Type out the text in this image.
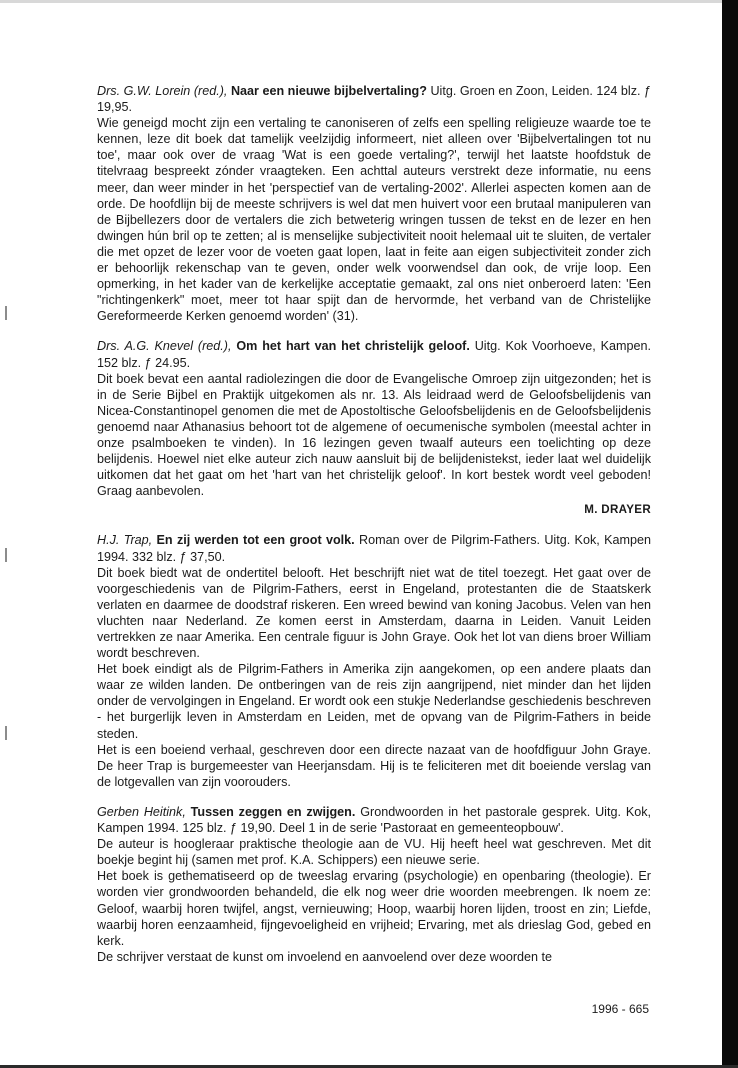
Drs. G.W. Lorein (red.), Naar een nieuwe bijbelvertaling? Uitg. Groen en Zoon, Leiden. 124 blz. ƒ 19,95.

Wie geneigd mocht zijn een vertaling te canoniseren of zelfs een spelling religieuze waarde toe te kennen, leze dit boek dat tamelijk veelzijdig informeert, niet alleen over 'Bijbelvertalingen tot nu toe', maar ook over de vraag 'Wat is een goede vertaling?', terwijl het laatste hoofdstuk de titelvraag bespreekt zónder vraagteken. Een achttal auteurs verstrekt deze informatie, nu eens meer, dan weer minder in het 'perspectief van de vertaling-2002'. Allerlei aspecten komen aan de orde. De hoofdlijn bij de meeste schrijvers is wel dat men huivert voor een brutaal manipuleren van de Bijbellezers door de vertalers die zich betweterig wringen tussen de tekst en de lezer en hen dwingen hún bril op te zetten; al is menselijke subjectiviteit nooit helemaal uit te sluiten, de vertaler die met opzet de lezer voor de voeten gaat lopen, laat in feite aan eigen subjectiviteit zonder zich er behoorlijk rekenschap van te geven, onder welk voorwendsel dan ook, de vrije loop. Een opmerking, in het kader van de kerkelijke acceptatie gemaakt, zal ons niet onberoerd laten: 'Een "richtingenkerk" moet, meer tot haar spijt dan de hervormde, het verband van de Christelijke Gereformeerde Kerken genoemd worden' (31).

Drs. A.G. Knevel (red.), Om het hart van het christelijk geloof. Uitg. Kok Voorhoeve, Kampen. 152 blz. ƒ 24.95.

Dit boek bevat een aantal radiolezingen die door de Evangelische Omroep zijn uitgezonden; het is in de Serie Bijbel en Praktijk uitgekomen als nr. 13. Als leidraad werd de Geloofsbelijdenis van Nicea-Constantinopel genomen die met de Apostoltische Geloofsbelijdenis en de Geloofsbelijdenis genoemd naar Athanasius behoort tot de algemene of oecumenische symbolen (meestal achter in onze psalmboeken te vinden). In 16 lezingen geven twaalf auteurs een toelichting op deze belijdenis. Hoewel niet elke auteur zich nauw aansluit bij de belijdenistekst, ieder laat wel duidelijk uitkomen dat het gaat om het 'hart van het christelijk geloof'. In kort bestek wordt veel geboden! Graag aanbevolen.

M. DRAYER

H.J. Trap, En zij werden tot een groot volk. Roman over de Pilgrim-Fathers. Uitg. Kok, Kampen 1994. 332 blz. ƒ 37,50.

Dit boek biedt wat de ondertitel belooft. Het beschrijft niet wat de titel toezegt. Het gaat over de voorgeschiedenis van de Pilgrim-Fathers, eerst in Engeland, protestanten die de Staatskerk verlaten en daarmee de doodstraf riskeren. Een wreed bewind van koning Jacobus. Velen van hen vluchten naar Nederland. Ze komen eerst in Amsterdam, daarna in Leiden. Vanuit Leiden vertrekken ze naar Amerika. Een centrale figuur is John Graye. Ook het lot van diens broer William wordt beschreven.

Het boek eindigt als de Pilgrim-Fathers in Amerika zijn aangekomen, op een andere plaats dan waar ze wilden landen. De ontberingen van de reis zijn aangrijpend, niet minder dan het lijden onder de vervolgingen in Engeland. Er wordt ook een stukje Nederlandse geschiedenis beschreven - het burgerlijk leven in Amsterdam en Leiden, met de opvang van de Pilgrim-Fathers in beide steden.

Het is een boeiend verhaal, geschreven door een directe nazaat van de hoofdfiguur John Graye. De heer Trap is burgemeester van Heerjansdam. Hij is te feliciteren met dit boeiende verslag van de lotgevallen van zijn voorouders.

Gerben Heitink, Tussen zeggen en zwijgen. Grondwoorden in het pastorale gesprek. Uitg. Kok, Kampen 1994. 125 blz. ƒ 19,90. Deel 1 in de serie 'Pastoraat en gemeenteopbouw'.

De auteur is hoogleraar praktische theologie aan de VU. Hij heeft heel wat geschreven. Met dit boekje begint hij (samen met prof. K.A. Schippers) een nieuwe serie.

Het boek is gethematiseerd op de tweeslag ervaring (psychologie) en openbaring (theologie). Er worden vier grondwoorden behandeld, die elk nog weer drie woorden meebrengen. Ik noem ze: Geloof, waarbij horen twijfel, angst, vernieuwing; Hoop, waarbij horen lijden, troost en zin; Liefde, waarbij horen eenzaamheid, fijngevoeligheid en vrijheid; Ervaring, met als drieslag God, gebed en kerk.

De schrijver verstaat de kunst om invoelend en aanvoelend over deze woorden te

1996 - 665
